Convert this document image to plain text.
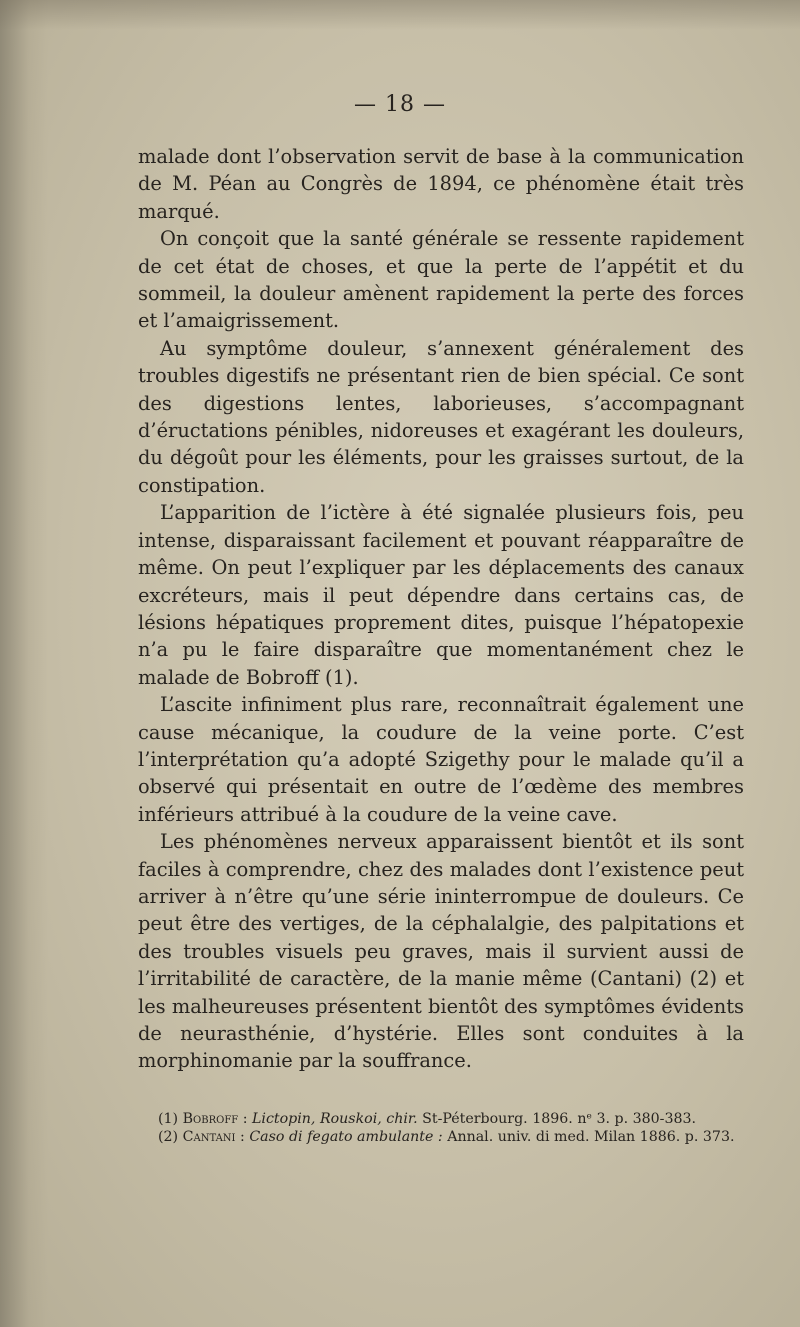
— 18 —

malade dont l’observation servit de base à la communication de M. Péan au Congrès de 1894, ce phénomène était très marqué.

On conçoit que la santé générale se ressente rapidement de cet état de choses, et que la perte de l’appétit et du sommeil, la douleur amènent rapidement la perte des forces et l’amaigrissement.

Au symptôme douleur, s’annexent généralement des troubles digestifs ne présentant rien de bien spécial. Ce sont des digestions lentes, laborieuses, s’accompagnant d’éructations pénibles, nidoreuses et exagérant les douleurs, du dégoût pour les éléments, pour les graisses surtout, de la constipation.

L’apparition de l’ictère à été signalée plusieurs fois, peu intense, disparaissant facilement et pouvant réapparaître de même. On peut l’expliquer par les déplacements des canaux excréteurs, mais il peut dépendre dans certains cas, de lésions hépatiques proprement dites, puisque l’hépatopexie n’a pu le faire disparaître que momentanément chez le malade de Bobroff (1).

L’ascite infiniment plus rare, reconnaîtrait également une cause mécanique, la coudure de la veine porte. C’est l’interprétation qu’a adopté Szigethy pour le malade qu’il a observé qui présentait en outre de l’œdème des membres inférieurs attribué à la coudure de la veine cave.

Les phénomènes nerveux apparaissent bientôt et ils sont faciles à comprendre, chez des malades dont l’existence peut arriver à n’être qu’une série ininterrompue de douleurs. Ce peut être des vertiges, de la céphalalgie, des palpitations et des troubles visuels peu graves, mais il survient aussi de l’irritabilité de caractère, de la manie même (Cantani) (2) et les malheureuses présentent bientôt des symptômes évidents de neurasthénie, d’hystérie. Elles sont conduites à la morphinomanie par la souffrance.

(1) Bobroff : Lictopin, Rouskoi, chir. St-Péterbourg. 1896. nᵉ 3. p. 380-383.

(2) Cantani : Caso di fegato ambulante : Annal. univ. di med. Milan 1886. p. 373.
